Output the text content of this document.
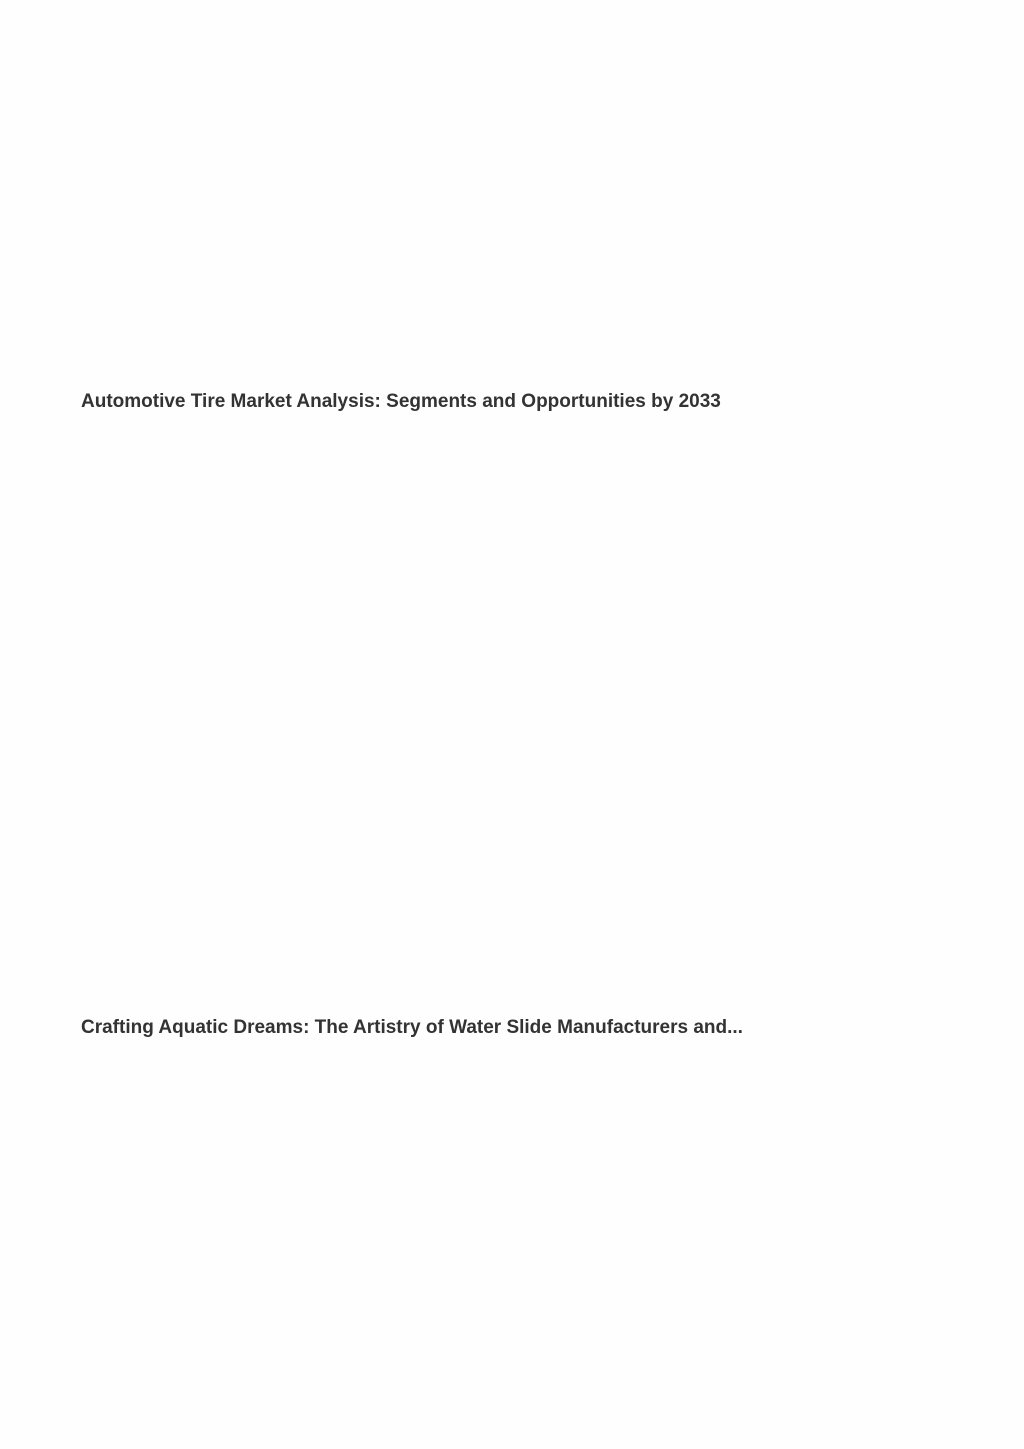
Automotive Tire Market Analysis: Segments and Opportunities by 2033
Crafting Aquatic Dreams: The Artistry of Water Slide Manufacturers and...
